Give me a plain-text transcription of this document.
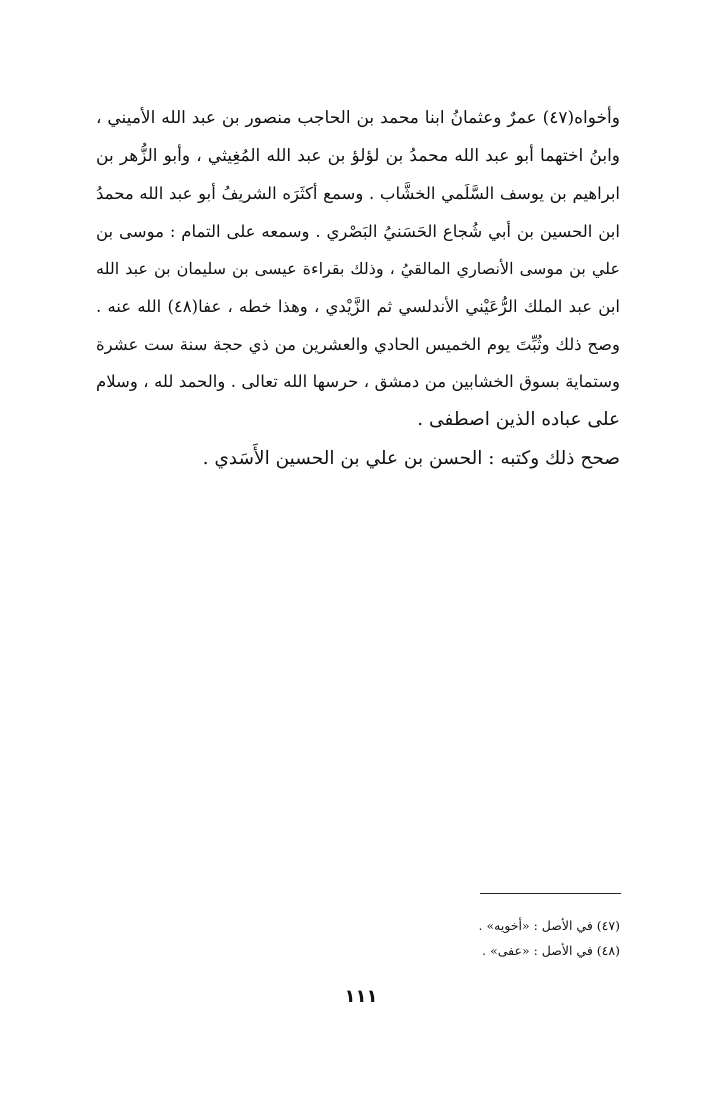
وأخواه(٤٧) عمرٌ وعثمانُ ابنا محمد بن الحاجب منصور بن عبد الله الأميني ،
وابنُ اختهما أبو عبد الله محمدُ بن لؤلؤ بن عبد الله المُغِيثي ، وأبو الزُّهر بن
ابراهيم بن يوسف السَّلَمي الخشَّاب . وسمع أكثَرَه الشريفُ أبو عبد الله محمدُ
ابن الحسين بن أبي شُجاع الحَسَنيُ البَصْري . وسمعه على التمام : موسى بن
علي بن موسى الأنصاري المالقيُ ، وذلك بقراءة عيسى بن سليمان بن عبد الله
ابن عبد الملك الرُّعَيْني الأندلسي ثم الزَّيْدي ، وهذا خطه ، عفا(٤٨) الله عنه .
وصح ذلك وثُبِّتَ يوم الخميس الحادي والعشرين من ذي حجة سنة ست عشرة
وستماية بسوق الخشابين من دمشق ، حرسها الله تعالى . والحمد لله ، وسلام
على عباده الذين اصطفى .
صحح ذلك وكتبه : الحسن بن علي بن الحسين الأَسَدي .
(٤٧) في الأصل : «أخويه» .
(٤٨) في الأصل : «عفى» .
١١١
